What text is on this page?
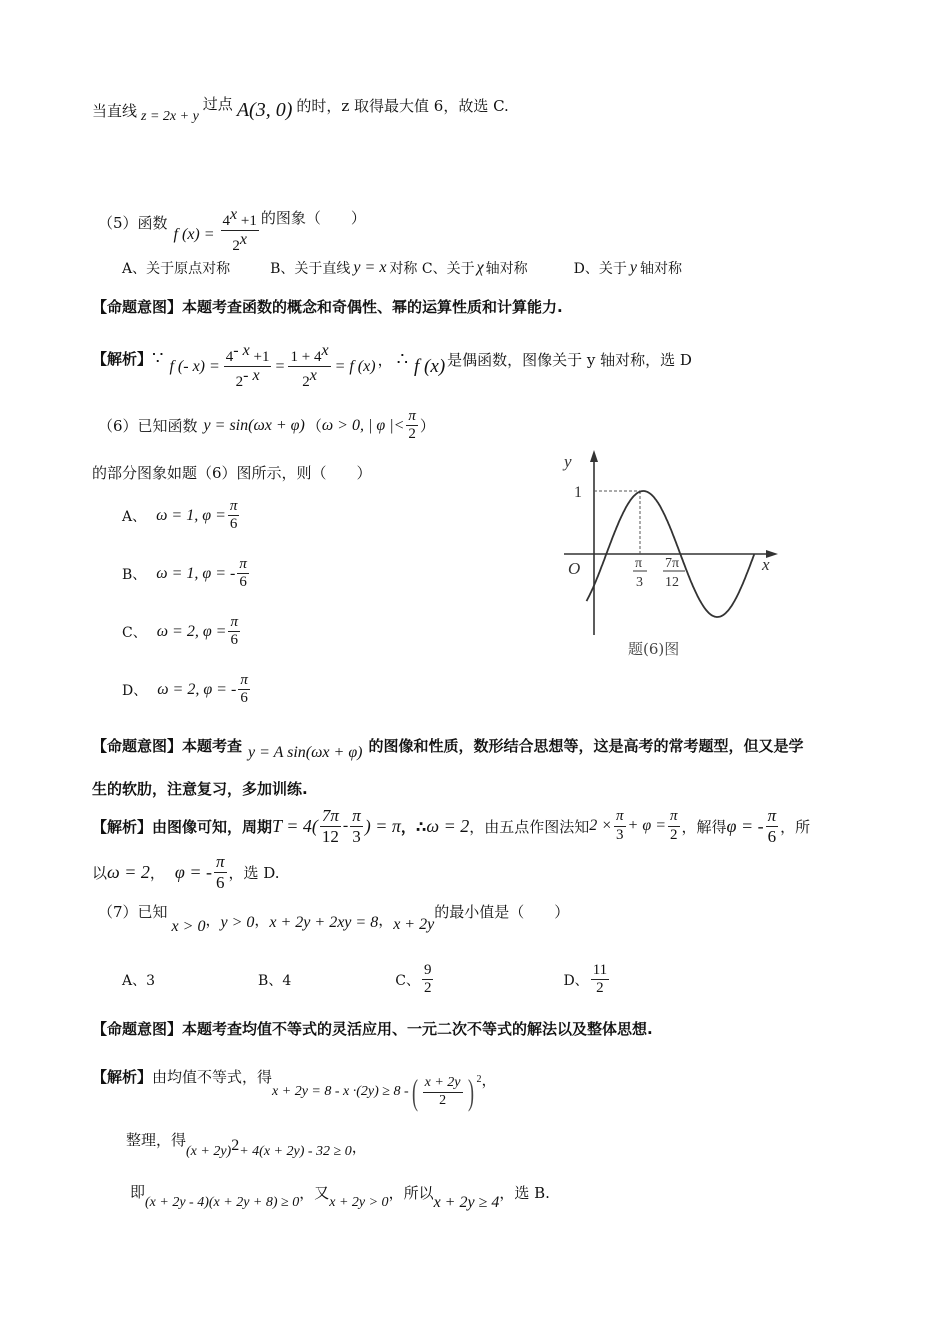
当直线 z = 2x + y
过点 A(3, 0) 的时，z 取得最大值 6，故选 C.
（5）函数
f $(x) = \frac{4^x +1}{2^x}$ 的图象（　　）
A、关于原点对称	B、关于直线 y = x 对称 C、关于 χ 轴对称	D、关于 y 轴对称
【命题意图】 本题考查函数的概念和奇偶性、幂的运算性质和计算能力.
【解析】 ∵ f (- $x) = \frac{4^{- x} +1}{2^{- x}} = \frac{1 + 4^x}{2^x} = f$ (x) ， ∴ f (x) 是偶函数，图像关于 y 轴对称，选 D
（6）已知函数 y = sin(ωx + φ) （ ω > 0, | φ |< $\frac{\pi}{2}$ ）
的部分图象如题（6）图所示，则（　　）
A、 ω = 1, $\varphi = \frac{\pi}{6}$
B、 ω = 1, φ = - $\frac{\pi}{6}$
C、 ω = 2, $\varphi = \frac{\pi}{6}$
D、 ω = 2, φ = - $\frac{\pi}{6}$
y
1
O	x
π
3
7π
12
题(6)图
【命题意图】 本题考查 y = A sin(ωx + φ) 的图像和性质，数形结合思想等，这是高考的常考题型，但又是学
生的软肋，注意复习，多加训练.
【解析】 由图像可知，周期 $T = 4( \frac{7\pi}{12} - \frac{\pi}{3}$ ) = π ，∴ ω = 2 ，由五点作图法知 $2 \times \frac{\pi}{3} + \varphi = \frac{\pi}{2}$ ，解得 φ = - $\frac{\pi}{6}$ ，所
以 ω = 2 ， φ = - $\frac{\pi}{6}$ ，选 D.
（7）已知
x > 0 ， y > 0 ， x + 2y + 2xy = 8 ， x + 2y
的最小值是（　　）
A、3	B、4	C、 $\frac{9}{2}$	D、 $\frac{11}{2}$
【命题意图】 本题考查均值不等式的灵活应用、一元二次不等式的解法以及整体思想.
【解析】 由均值不等式，得
x + 2y = 8 - x ·(2y) ≥ 8 - ( $\frac{x + 2y}{2}$ ) $^2$ ，
整理，得
(x + 2y) 2 + 4(x + 2y) - 32 ≥ 0 ，
即
(x + 2y - 4)(x + 2y + 8) ≥ 0
，又
x + 2y > 0
，所以
x + 2y ≥ 4
，选 B.
